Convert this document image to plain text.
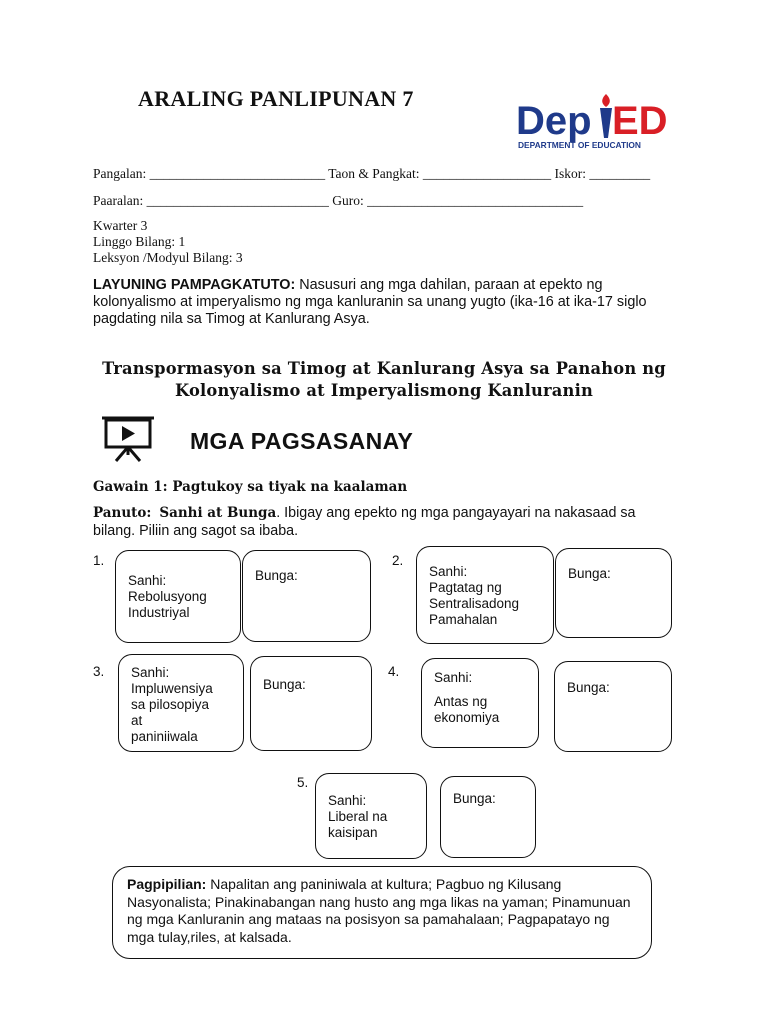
ARALING PANLIPUNAN 7
Dep ED
DEPARTMENT OF EDUCATION
Pangalan: __________________________ Taon & Pangkat: ___________________ Iskor: _________
Paaralan: ___________________________ Guro: ________________________________
Kwarter 3
Linggo Bilang: 1
Leksyon /Modyul Bilang: 3
LAYUNING PAMPAGKATUTO: Nasusuri ang mga dahilan, paraan at epekto ng kolonyalismo at imperyalismo ng mga kanluranin sa unang yugto (ika-16 at ika-17 siglo pagdating nila sa Timog at Kanlurang Asya.
Transpormasyon sa Timog at Kanlurang Asya sa Panahon ng
Kolonyalismo at Imperyalismong Kanluranin
MGA PAGSASANAY
Gawain 1: Pagtukoy sa tiyak na kaalaman
Panuto: Sanhi at Bunga. Ibigay ang epekto ng mga pangayayari na nakasaad sa bilang. Piliin ang sagot sa ibaba.
1.
Sanhi:
Rebolusyong
Industriyal
Bunga:
2.
Sanhi:
Pagtatag ng
Sentralisadong
Pamahalan
Bunga:
3. Sanhi:
Impluwensiya
sa pilosopiya
at
paniniiwala
Bunga:
4.	Sanhi:
Antas ng
ekonomiya
Bunga:
5.
Sanhi:
Liberal na
kaisipan
Bunga:
Pagpipilian: Napalitan ang paniniwala at kultura; Pagbuo ng Kilusang Nasyonalista; Pinakinabangan nang husto ang mga likas na yaman; Pinamunuan ng mga Kanluranin ang mataas na posisyon sa pamahalaan; Pagpapatayo ng mga tulay,riles, at kalsada.
